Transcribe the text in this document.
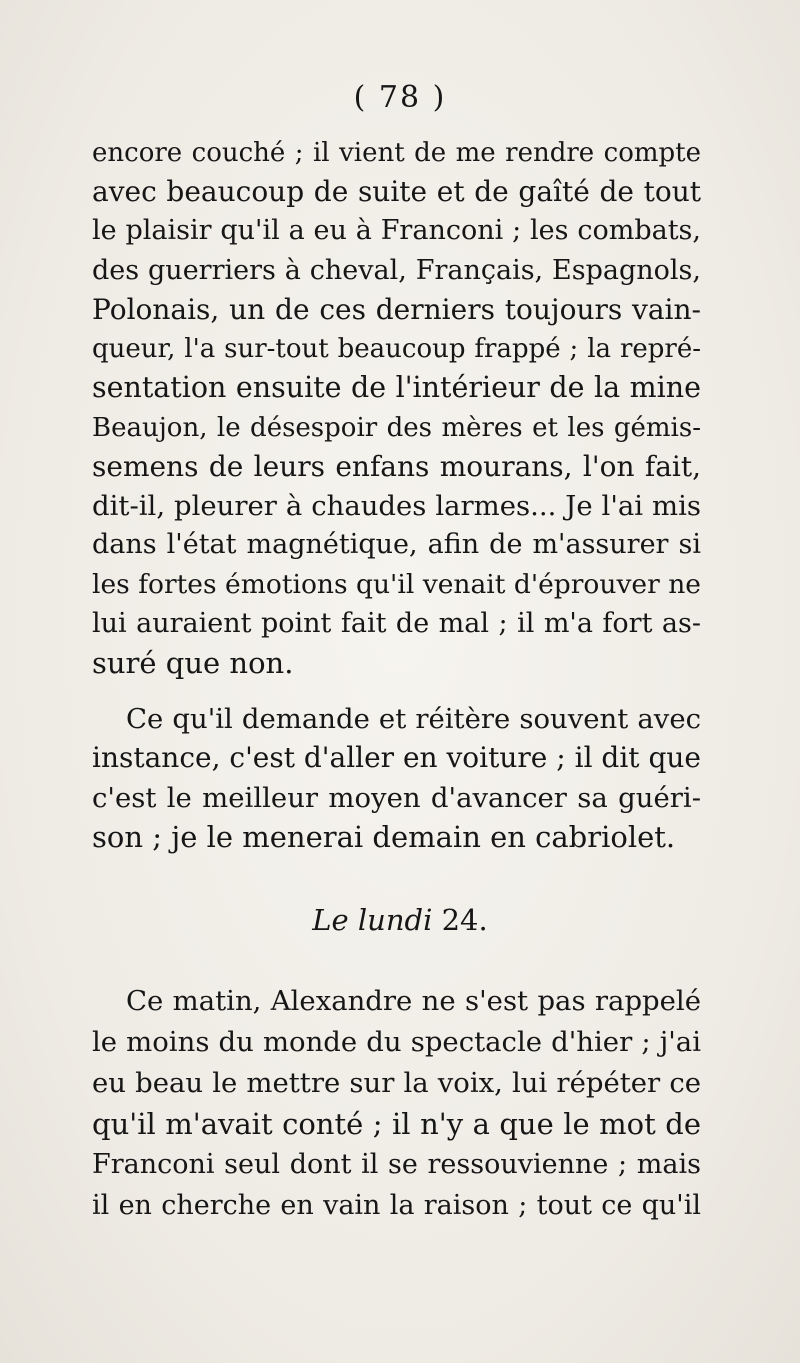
( 78 )
encore couché ; il vient de me rendre compte
avec beaucoup de suite et de gaîté de tout
le plaisir qu'il a eu à Franconi ; les combats,
des guerriers à cheval, Français, Espagnols,
Polonais, un de ces derniers toujours vain-
queur, l'a sur-tout beaucoup frappé ; la repré-
sentation ensuite de l'intérieur de la mine
Beaujon, le désespoir des mères et les gémis-
semens de leurs enfans mourans, l'on fait,
dit-il, pleurer à chaudes larmes... Je l'ai mis
dans l'état magnétique, afin de m'assurer si
les fortes émotions qu'il venait d'éprouver ne
lui auraient point fait de mal ; il m'a fort as-
suré que non.
Ce qu'il demande et réitère souvent avec
instance, c'est d'aller en voiture ; il dit que
c'est le meilleur moyen d'avancer sa guéri-
son ; je le menerai demain en cabriolet.
Le lundi 24.
Ce matin, Alexandre ne s'est pas rappelé
le moins du monde du spectacle d'hier ; j'ai
eu beau le mettre sur la voix, lui répéter ce
qu'il m'avait conté ; il n'y a que le mot de
Franconi seul dont il se ressouvienne ; mais
il en cherche en vain la raison ; tout ce qu'il
